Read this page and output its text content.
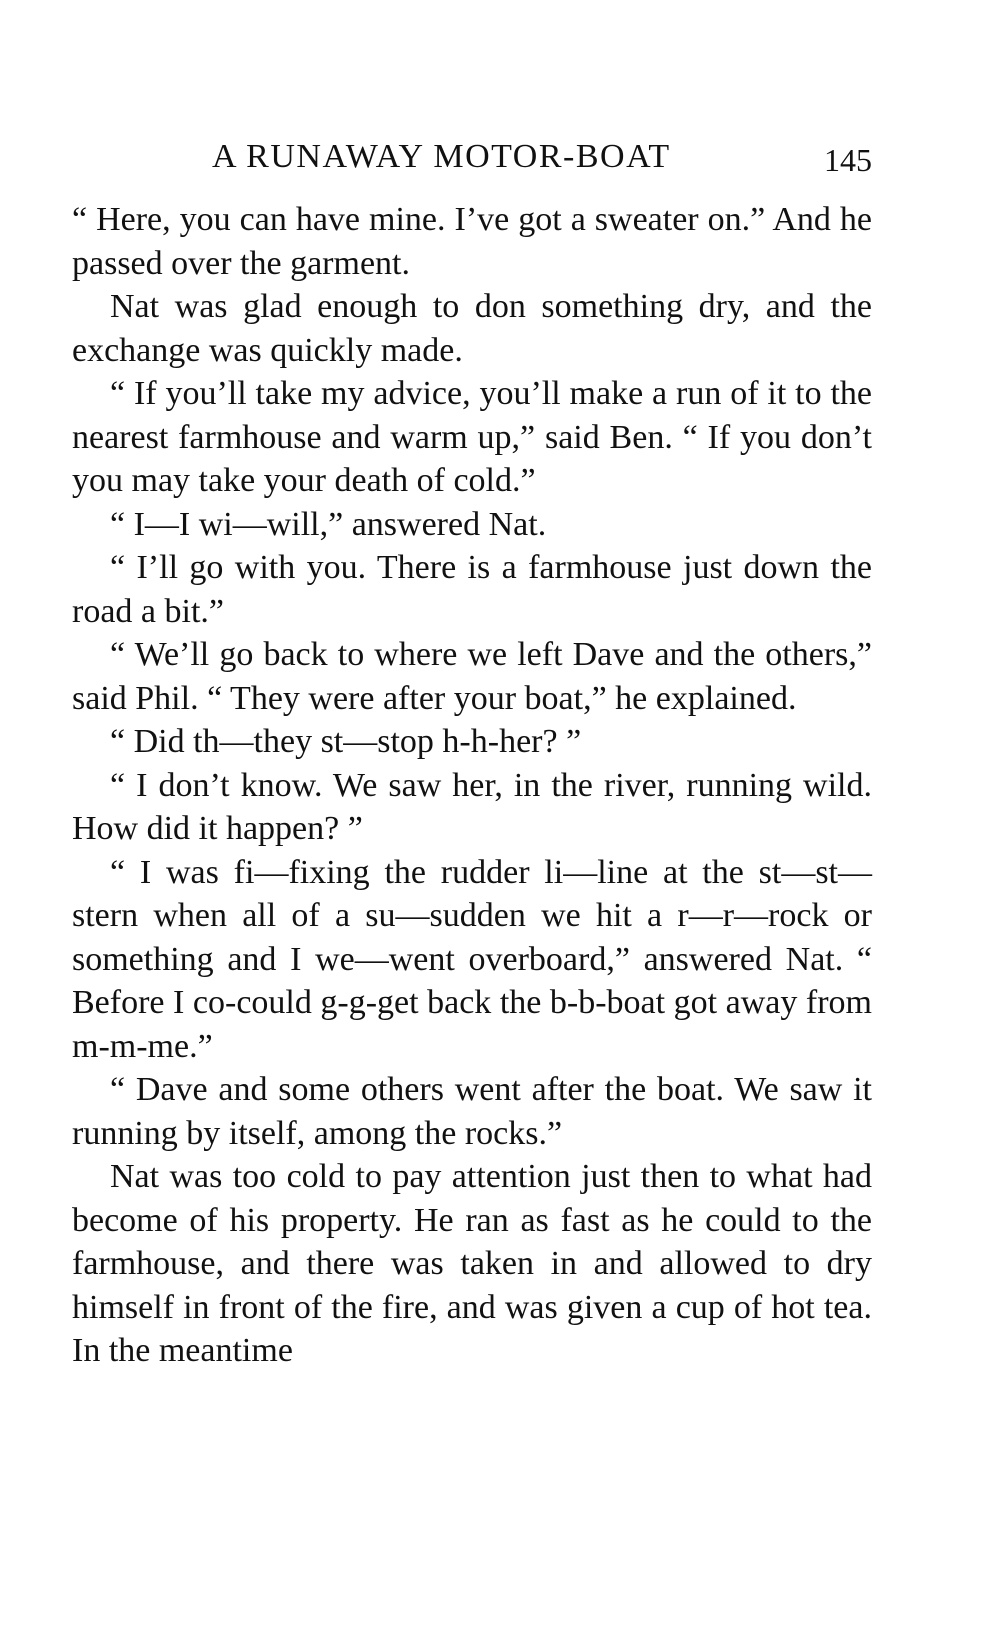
A RUNAWAY MOTOR-BOAT	145

“ Here, you can have mine. I’ve got a sweater on.” And he passed over the garment.

Nat was glad enough to don something dry, and the exchange was quickly made.

“ If you’ll take my advice, you’ll make a run of it to the nearest farmhouse and warm up,” said Ben. “ If you don’t you may take your death of cold.”

“ I—I wi—will,” answered Nat.

“ I’ll go with you. There is a farmhouse just down the road a bit.”

“ We’ll go back to where we left Dave and the others,” said Phil. “ They were after your boat,” he explained.

“ Did th—they st—stop h-h-her? ”

“ I don’t know. We saw her, in the river, running wild. How did it happen? ”

“ I was fi—fixing the rudder li—line at the st—st—stern when all of a su—sudden we hit a r—r—rock or something and I we—went overboard,” answered Nat. “ Before I co-could g-g-get back the b-b-boat got away from m-m-me.”

“ Dave and some others went after the boat. We saw it running by itself, among the rocks.”

Nat was too cold to pay attention just then to what had become of his property. He ran as fast as he could to the farmhouse, and there was taken in and allowed to dry himself in front of the fire, and was given a cup of hot tea. In the meantime
